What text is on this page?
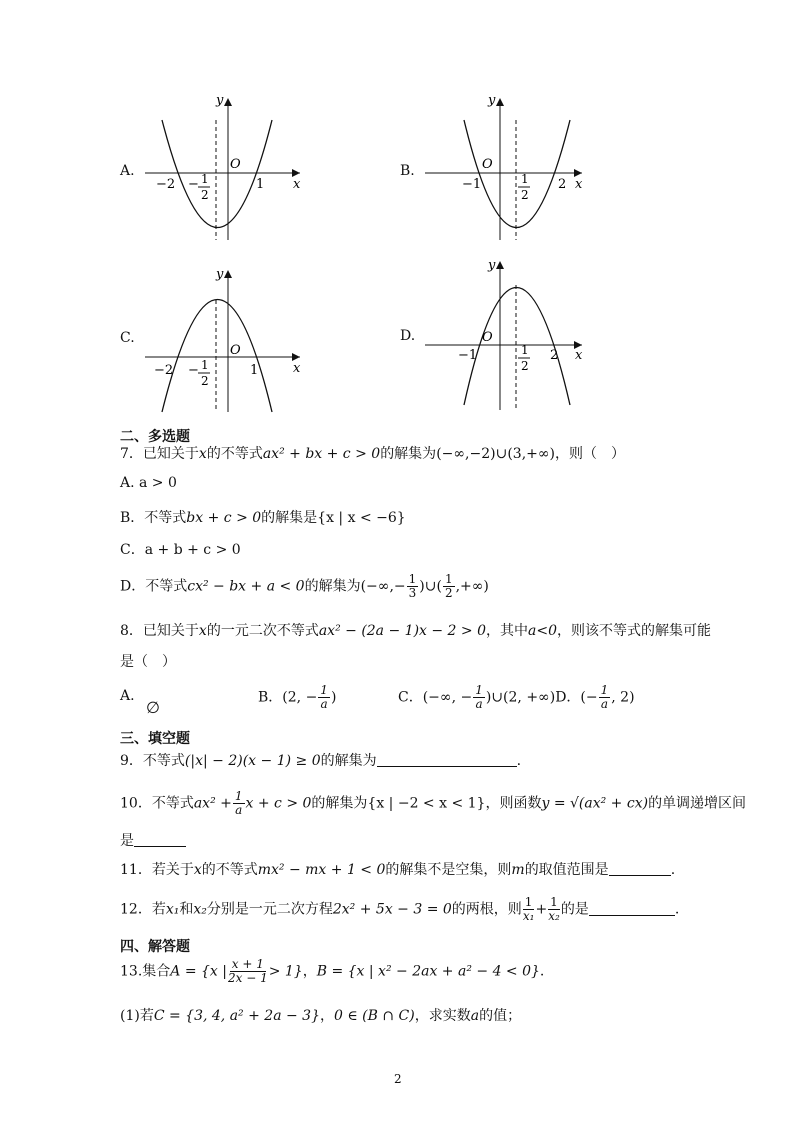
A.
y
x
O
−2	1
− 1
2
B.
y
x
O
−1	2
1
2
C.
y
x
O
−2	1
− 1
2
D.
y
x
O
−1	2
1
2
二、多选题
7．已知关于x的不等式ax² + bx + c > 0的解集为(−∞,−2)∪(3,+∞)，则（　）
A. a > 0
B．不等式bx + c > 0的解集是{x | x < −6}
C．a + b + c > 0
D．不等式cx² − bx + a < 0的解集为(−∞,− $\frac{1}{3}$ )∪( $\frac{1}{2}$ ,+∞)
8．已知关于x的一元二次不等式ax² − (2a − 1)x − 2 > 0，其中a<0，则该不等式的解集可能
是（　）
A.
∅
B．(2, − $\frac{1}{a}$ )	C．(−∞, − $\frac{1}{a}$ )∪(2, +∞)D．(− $\frac{1}{a}$ , 2)
三、填空题
9．不等式(|x| − 2)(x − 1) ≥ 0的解集为	.
10．不等式$ax^2 + \frac{1}{a}$ x + c > 0的解集为{x | −2 < x < 1}，则函数y = √(ax² + cx)的单调递增区间
是
11．若关于x的不等式mx² − mx + 1 < 0的解集不是空集，则m的取值范围是	.
12．若x₁和x₂分别是一元二次方程2x² + 5x − 3 = 0的两根，则 $\frac{1}{\text{x₁}} + \frac{1}{\text{x₂}}$ 的是	.
四、解答题
13.集合A = {x | $\frac{x + 1}{2x - 1} > 1$}，B = {x | x² − 2ax + a² − 4 < 0}.
(1)若C = {3, 4, a² + 2a − 3}，0 ∈ (B ∩ C)，求实数a的值；
2
